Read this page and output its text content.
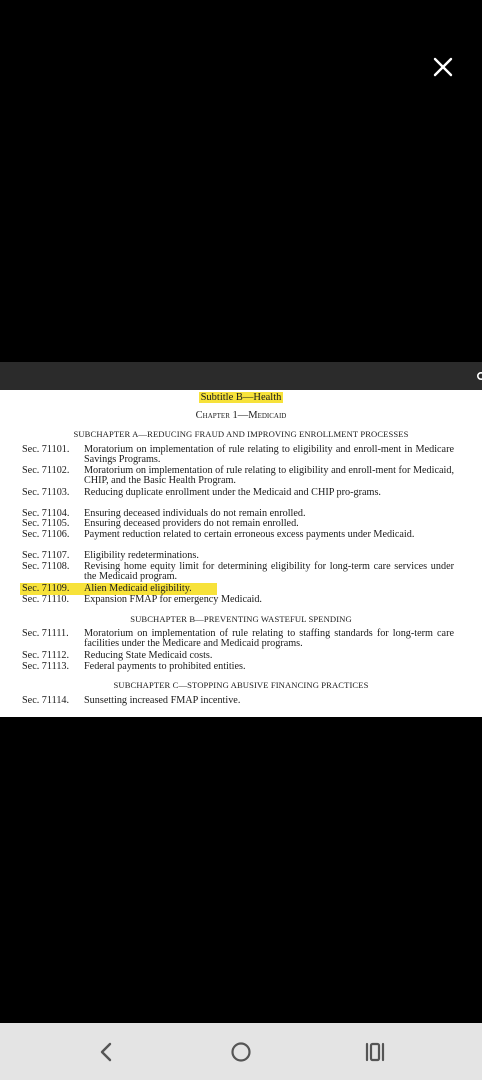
Subtitle B—Health
Chapter 1—Medicaid
SUBCHAPTER A—REDUCING FRAUD AND IMPROVING ENROLLMENT PROCESSES
Sec. 71101. Moratorium on implementation of rule relating to eligibility and enroll-ment in Medicare Savings Programs.
Sec. 71102. Moratorium on implementation of rule relating to eligibility and enroll-ment for Medicaid, CHIP, and the Basic Health Program.
Sec. 71103. Reducing duplicate enrollment under the Medicaid and CHIP pro-grams.
Sec. 71104. Ensuring deceased individuals do not remain enrolled.
Sec. 71105. Ensuring deceased providers do not remain enrolled.
Sec. 71106. Payment reduction related to certain erroneous excess payments under Medicaid.
Sec. 71107. Eligibility redeterminations.
Sec. 71108. Revising home equity limit for determining eligibility for long-term care services under the Medicaid program.
Sec. 71109. Alien Medicaid eligibility.
Sec. 71110. Expansion FMAP for emergency Medicaid.
SUBCHAPTER B—PREVENTING WASTEFUL SPENDING
Sec. 71111. Moratorium on implementation of rule relating to staffing standards for long-term care facilities under the Medicare and Medicaid programs.
Sec. 71112. Reducing State Medicaid costs.
Sec. 71113. Federal payments to prohibited entities.
SUBCHAPTER C—STOPPING ABUSIVE FINANCING PRACTICES
Sec. 71114. Sunsetting increased FMAP incentive.
